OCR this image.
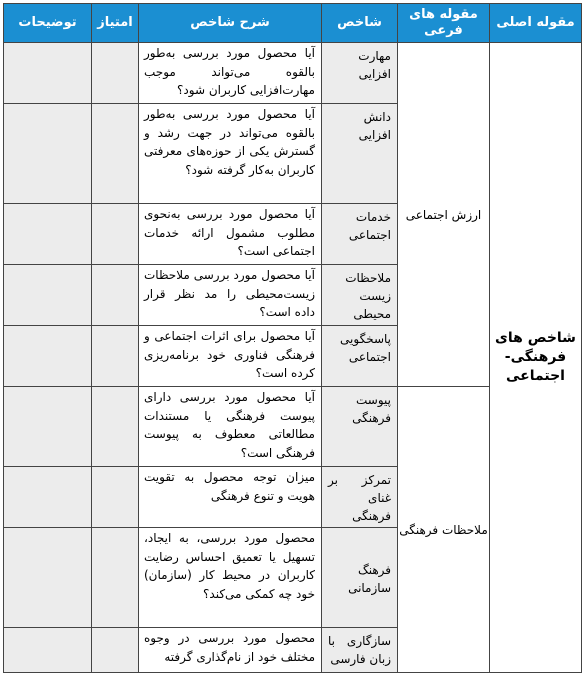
مقوله اصلی	مقوله های فرعی	شاخص	شرح شاخص	امتیاز	توضیحات
شاخص های فرهنگی- اجتماعی	ارزش اجتماعی	مهارت افزایی	آیا محصول مورد بررسی به‌طور بالقوه می‌تواند موجب مهارت‌افزایی کاربران شود؟		
		دانش افزایی	آیا محصول مورد بررسی به‌طور بالقوه می‌تواند در جهت رشد و گسترش یکی از حوزه‌های معرفتی کاربران به‌کار گرفته شود؟		
		خدمات اجتماعی	آیا محصول مورد بررسی به‌نحوی مطلوب مشمول ارائه خدمات اجتماعی است؟		
		ملاحظات زیست محیطی	آیا محصول مورد بررسی ملاحظات زیست‌محیطی را مد نظر قرار داده است؟		
		پاسخگویی اجتماعی	آیا محصول برای اثرات اجتماعی و فرهنگی فناوری خود برنامه‌ریزی کرده است؟		
	ملاحظات فرهنگی	پیوست فرهنگی	آیا محصول مورد بررسی دارای پیوست فرهنگی یا مستندات مطالعاتی معطوف به پیوست فرهنگی است؟		
		تمرکز بر غنای فرهنگی	میزان توجه محصول به تقویت هویت و تنوع فرهنگی		
		فرهنگ سازمانی	محصول مورد بررسی، به ایجاد، تسهیل یا تعمیق احساس رضایت کاربران در محیط کار (سازمان) خود چه کمکی می‌کند؟		
		سازگاری با زبان فارسی	محصول مورد بررسی در وجوه مختلف خود از نام‌گذاری گرفته		
